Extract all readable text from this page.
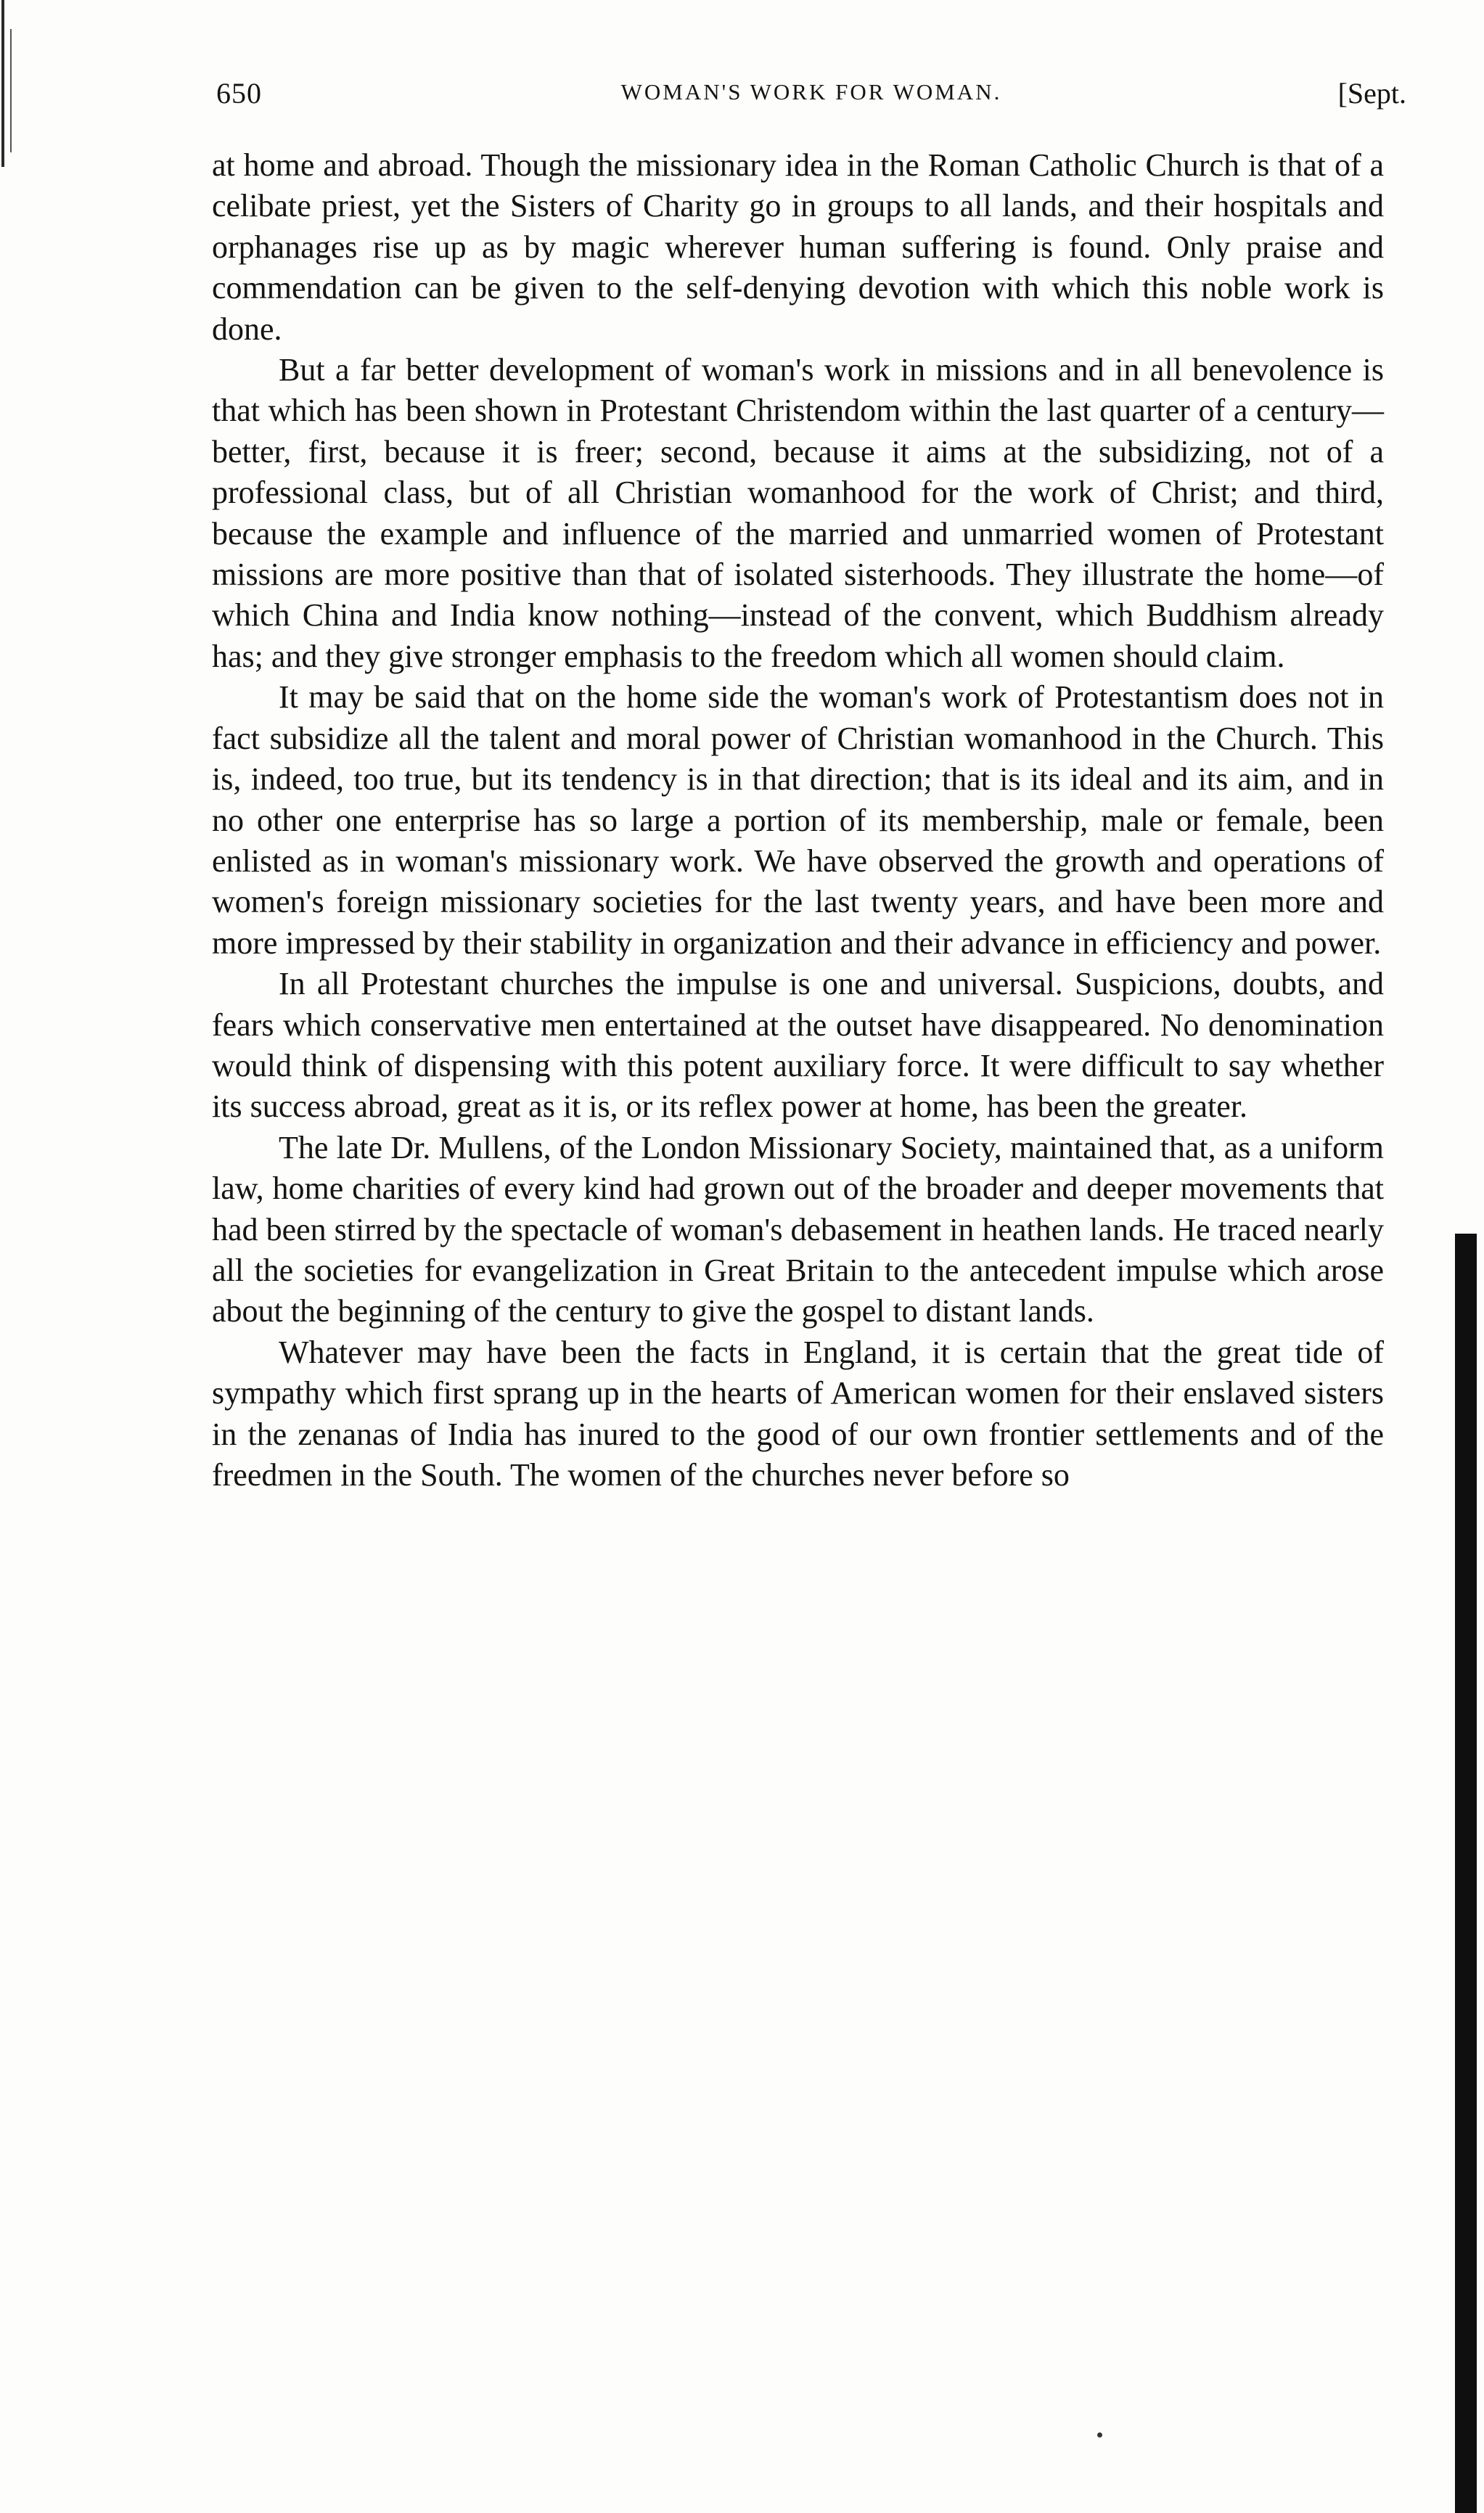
650	WOMAN'S WORK FOR WOMAN.	[Sept.

at home and abroad. Though the missionary idea in the Roman Catholic Church is that of a celibate priest, yet the Sisters of Charity go in groups to all lands, and their hospitals and orphanages rise up as by magic wherever human suffering is found. Only praise and commendation can be given to the self-denying devotion with which this noble work is done.

But a far better development of woman's work in missions and in all benevolence is that which has been shown in Protestant Christendom within the last quarter of a century—better, first, because it is freer; second, because it aims at the subsidizing, not of a professional class, but of all Christian womanhood for the work of Christ; and third, because the example and influence of the married and unmarried women of Protestant missions are more positive than that of isolated sisterhoods. They illustrate the home—of which China and India know nothing—instead of the convent, which Buddhism already has; and they give stronger emphasis to the freedom which all women should claim.

It may be said that on the home side the woman's work of Protestantism does not in fact subsidize all the talent and moral power of Christian womanhood in the Church. This is, indeed, too true, but its tendency is in that direction; that is its ideal and its aim, and in no other one enterprise has so large a portion of its membership, male or female, been enlisted as in woman's missionary work. We have observed the growth and operations of women's foreign missionary societies for the last twenty years, and have been more and more impressed by their stability in organization and their advance in efficiency and power.

In all Protestant churches the impulse is one and universal. Suspicions, doubts, and fears which conservative men entertained at the outset have disappeared. No denomination would think of dispensing with this potent auxiliary force. It were difficult to say whether its success abroad, great as it is, or its reflex power at home, has been the greater.

The late Dr. Mullens, of the London Missionary Society, maintained that, as a uniform law, home charities of every kind had grown out of the broader and deeper movements that had been stirred by the spectacle of woman's debasement in heathen lands. He traced nearly all the societies for evangelization in Great Britain to the antecedent impulse which arose about the beginning of the century to give the gospel to distant lands.

Whatever may have been the facts in England, it is certain that the great tide of sympathy which first sprang up in the hearts of American women for their enslaved sisters in the zenanas of India has inured to the good of our own frontier settlements and of the freedmen in the South. The women of the churches never before so
